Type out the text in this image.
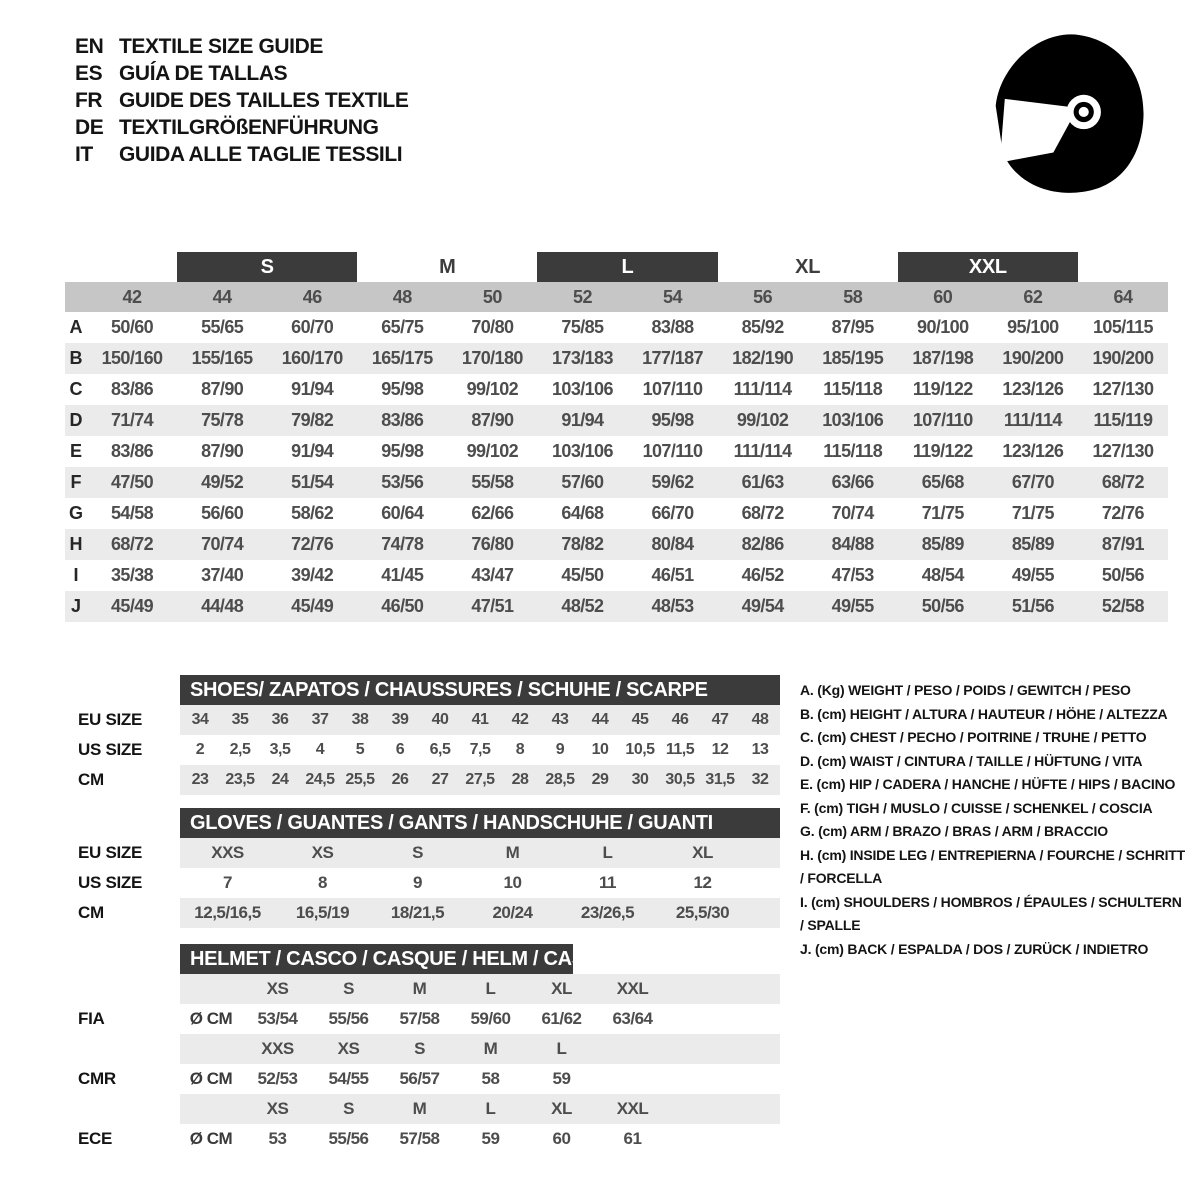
EN TEXTILE SIZE GUIDE
ES GUÍA DE TALLAS
FR GUIDE DES TAILLES TEXTILE
DE TEXTILGRÖßENFÜHRUNG
IT	GUIDA ALLE TAGLIE TESSILI
S	M	L	XL	XXL
42	44	46	48	50	52	54	56	58	60	62	64
A	50/60	55/65	60/70	65/75	70/80	75/85	83/88	85/92	87/95	90/100	95/100	105/115
B	150/160	155/165	160/170	165/175	170/180	173/183	177/187	182/190	185/195	187/198	190/200	190/200
C	83/86	87/90	91/94	95/98	99/102	103/106	107/110	111/114	115/118	119/122	123/126	127/130
D	71/74	75/78	79/82	83/86	87/90	91/94	95/98	99/102	103/106	107/110	111/114	115/119
E	83/86	87/90	91/94	95/98	99/102	103/106	107/110	111/114	115/118	119/122	123/126	127/130
F	47/50	49/52	51/54	53/56	55/58	57/60	59/62	61/63	63/66	65/68	67/70	68/72
G	54/58	56/60	58/62	60/64	62/66	64/68	66/70	68/72	70/74	71/75	71/75	72/76
H	68/72	70/74	72/76	74/78	76/80	78/82	80/84	82/86	84/88	85/89	85/89	87/91
I	35/38	37/40	39/42	41/45	43/47	45/50	46/51	46/52	47/53	48/54	49/55	50/56
J	45/49	44/48	45/49	46/50	47/51	48/52	48/53	49/54	49/55	50/56	51/56	52/58
SHOES/ ZAPATOS / CHAUSSURES / SCHUHE / SCARPE
EU SIZE	34	35	36	37	38	39	40	41	42	43	44	45	46	47	48
US SIZE	2	2,5	3,5	4	5	6	6,5	7,5	8	9	10	10,5 11,5	12	13
CM	23	23,5	24	24,5 25,5	26	27	27,5	28	28,5	29	30	30,5 31,5	32
GLOVES / GUANTES / GANTS / HANDSCHUHE / GUANTI
EU SIZE	XXS	XS	S	M	L	XL
US SIZE	7	8	9	10	11	12
CM	12,5/16,5	16,5/19	18/21,5	20/24	23/26,5	25,5/30
HELMET / CASCO / CASQUE / HELM / CASCO
XS	S	M	L	XL	XXL
FIA	Ø CM	53/54	55/56	57/58	59/60	61/62	63/64
XXS	XS	S	M	L
CMR	Ø CM	52/53	54/55	56/57	58	59
XS	S	M	L	XL	XXL
ECE	Ø CM	53	55/56	57/58	59	60	61
A. (Kg) WEIGHT / PESO / POIDS / GEWITCH / PESO
B. (cm) HEIGHT / ALTURA / HAUTEUR / HÖHE / ALTEZZA
C. (cm) CHEST / PECHO / POITRINE / TRUHE / PETTO
D. (cm) WAIST / CINTURA / TAILLE / HÜFTUNG / VITA
E. (cm) HIP / CADERA / HANCHE / HÜFTE / HIPS / BACINO
F. (cm) TIGH / MUSLO / CUISSE / SCHENKEL / COSCIA
G. (cm) ARM / BRAZO / BRAS / ARM / BRACCIO
H. (cm) INSIDE LEG / ENTREPIERNA / FOURCHE / SCHRITT / FORCELLA
I. (cm) SHOULDERS / HOMBROS / ÉPAULES / SCHULTERN / SPALLE
J. (cm) BACK / ESPALDA / DOS / ZURÜCK / INDIETRO
